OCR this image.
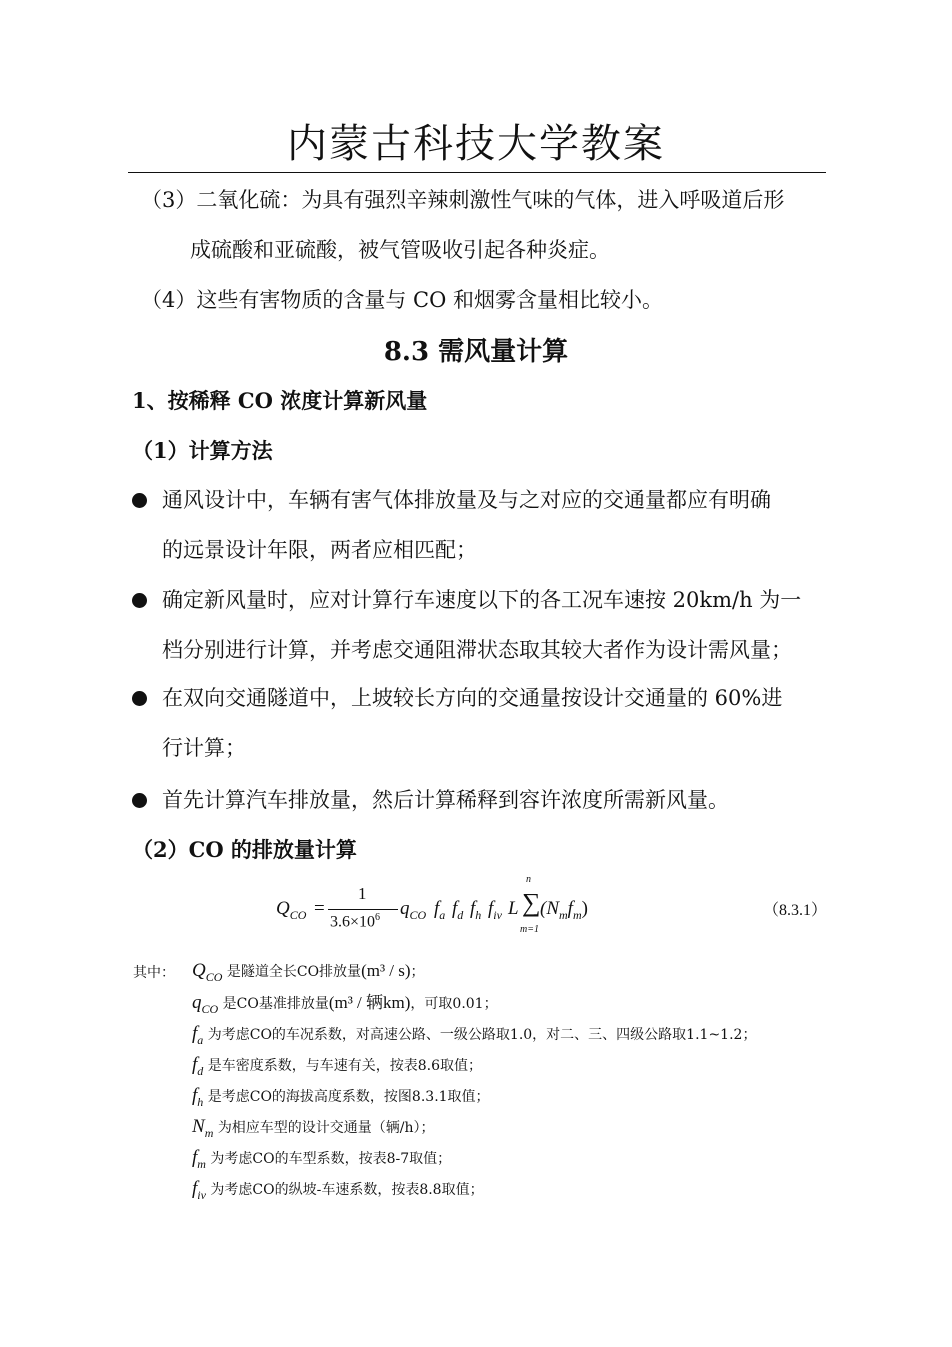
内蒙古科技大学教案
（3）二氧化硫：为具有强烈辛辣刺激性气味的气体，进入呼吸道后形
成硫酸和亚硫酸，被气管吸收引起各种炎症。
（4）这些有害物质的含量与 CO 和烟雾含量相比较小。
8.3 需风量计算
1、按稀释 CO 浓度计算新风量
（1）计算方法
通风设计中，车辆有害气体排放量及与之对应的交通量都应有明确
的远景设计年限，两者应相匹配；
确定新风量时，应对计算行车速度以下的各工况车速按 20km/h 为一
档分别进行计算，并考虑交通阻滞状态取其较大者作为设计需风量；
在双向交通隧道中，上坡较长方向的交通量按设计交通量的 60%进
行计算；
首先计算汽车排放量，然后计算稀释到容许浓度所需新风量。
（2）CO 的排放量计算
$Q_{CO}$ =
1
$3.6\times 10^6$ $q_{CO}$ $f_a$ $f_d$ $f_h$ $f_{iv}$ L ∑
n
m=1
$(N_mf_m)$	（8.3.1）
其中： $Q_{CO}$ 是隧道全长CO排放量(m³ / s)；
$q_{CO}$ 是CO基准排放量(m³ / 辆km)，可取0.01；
$f_a$ 为考虑CO的车况系数，对高速公路、一级公路取1.0，对二、三、四级公路取1.1~1.2；
$f_d$ 是车密度系数，与车速有关，按表8.6取值；
$f_h$ 是考虑CO的海拔高度系数，按图8.3.1取值；
$N_m$ 为相应车型的设计交通量（辆/h）；
$f_m$ 为考虑CO的车型系数，按表8-7取值；
$f_{iv}$ 为考虑CO的纵坡-车速系数，按表8.8取值；
